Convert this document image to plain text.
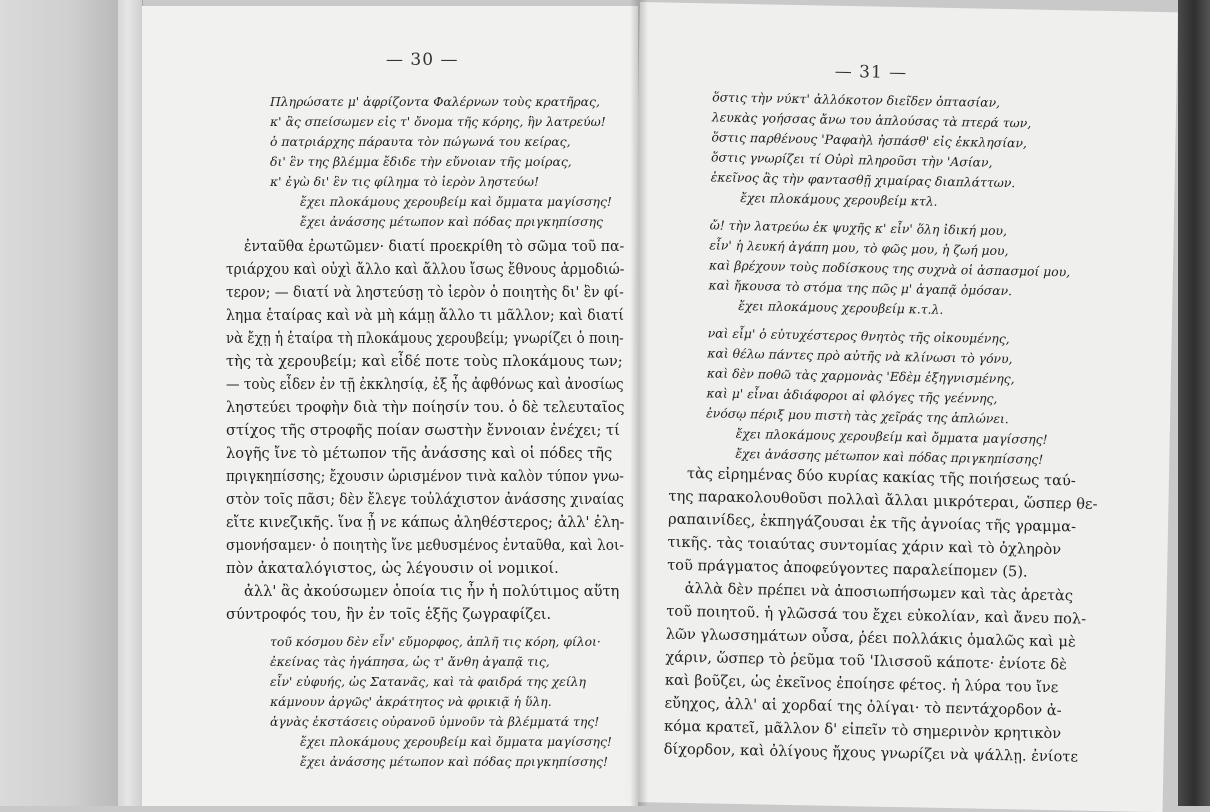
— 30 —
Πληρώσατε μ' ἀφρίζοντα Φαλέρνων τοὺς κρατῆρας,
κ' ἂς σπείσωμεν εἰς τ' ὄνομα τῆς κόρης, ἣν λατρεύω!
ὁ πατριάρχης πάραυτα τὸν πώγωνά του κείρας,
δι' ἓν της βλέμμα ἔδιδε τὴν εὔνοιαν τῆς μοίρας,
κ' ἐγὼ δι' ἓν τις φίλημα τὸ ἱερὸν ληστεύω!
ἔχει πλοκάμους χερουβείμ καὶ ὄμματα μαγίσσης!
ἔχει ἀνάσσης μέτωπον καὶ πόδας πριγκηπίσσης
ἐνταῦθα ἐρωτῶμεν· διατί προεκρίθη τὸ σῶμα τοῦ πα-
τριάρχου καὶ οὐχὶ ἄλλο καὶ ἄλλου ἴσως ἔθνους ἁρμοδιώ-
τερον; — διατί νὰ ληστεύσῃ τὸ ἱερὸν ὁ ποιητὴς δι' ἓν φί-
λημα ἑταίρας καὶ νὰ μὴ κάμῃ ἄλλο τι μᾶλλον; καὶ διατί
νὰ ἔχῃ ἡ ἑταίρα τὴ πλοκάμους χερουβείμ; γνωρίζει ὁ ποιη-
τὴς τὰ χερουβείμ; καὶ εἶδέ ποτε τοὺς πλοκάμους των;
— τοὺς εἶδεν ἐν τῇ ἐκκλησίᾳ, ἐξ ἧς ἀφθόνως καὶ ἀνοσίως
ληστεύει τροφὴν διὰ τὴν ποίησίν του. ὁ δὲ τελευταῖος
στίχος τῆς στροφῆς ποίαν σωστὴν ἔννοιαν ἐνέχει; τί
λογῆς ἴνε τὸ μέτωπον τῆς ἀνάσσης καὶ οἱ πόδες τῆς
πριγκηπίσσης; ἔχουσιν ὡρισμένον τινὰ καλὸν τύπον γνω-
στὸν τοῖς πᾶσι; δὲν ἔλεγε τοὐλάχιστον ἀνάσσης χιναίας
εἴτε κινεζικῆς. ἵνα ᾖ νε κάπως ἀληθέστερος; ἀλλ' ἐλη-
σμονήσαμεν· ὁ ποιητὴς ἴνε μεθυσμένος ἐνταῦθα, καὶ λοι-
πὸν ἀκαταλόγιστος, ὡς λέγουσιν οἱ νομικοί.
ἀλλ' ἂς ἀκούσωμεν ὁποία τις ἦν ἡ πολύτιμος αὕτη
σύντροφός του, ἣν ἐν τοῖς ἑξῆς ζωγραφίζει.
τοῦ κόσμου δὲν εἶν' εὔμορφος, ἀπλῆ τις κόρη, φίλοι·
ἐκείνας τὰς ἠγάπησα, ὡς τ' ἄνθη ἀγαπᾷ τις,
εἶν' εὐφυής, ὡς Σατανᾶς, καὶ τὰ φαιδρά της χείλη
κάμνουν ἀργῶς' ἀκράτητος νὰ φρικιᾷ ἡ ὕλη.
ἁγνὰς ἐκστάσεις οὐρανοῦ ὑμνοῦν τὰ βλέμματά της!
ἔχει πλοκάμους χερουβείμ καὶ ὄμματα μαγίσσης!
ἔχει ἀνάσσης μέτωπον καὶ πόδας πριγκηπίσσης!
— 31 —
ὅστις τὴν νύκτ' ἀλλόκοτον διεῖδεν ὀπτασίαν,
λευκὰς γοήσσας ἄνω του ἁπλούσας τὰ πτερά των,
ὅστις παρθένους 'Ραφαὴλ ἠσπάσθ' εἰς ἐκκλησίαν,
ὅστις γνωρίζει τί Οὐρὶ πληροῦσι τὴν 'Ασίαν,
ἐκεῖνος ἂς τὴν φαντασθῇ χιμαίρας διαπλάττων.
ἔχει πλοκάμους χερουβείμ κτλ.
ὤ! τὴν λατρεύω ἐκ ψυχῆς κ' εἶν' ὅλη ἰδική μου,
εἶν' ἡ λευκή ἀγάπη μου, τὸ φῶς μου, ἡ ζωή μου,
καὶ βρέχουν τοὺς ποδίσκους της συχνὰ οἱ ἀσπασμοί μου,
καὶ ἤκουσα τὸ στόμα της πῶς μ' ἀγαπᾷ ὁμόσαν.
ἔχει πλοκάμους χερουβείμ κ.τ.λ.
ναὶ εἶμ' ὁ εὐτυχέστερος θνητὸς τῆς οἰκουμένης,
καὶ θέλω πάντες πρὸ αὐτῆς νὰ κλίνωσι τὸ γόνυ,
καὶ δὲν ποθῶ τὰς χαρμονὰς 'Εδὲμ ἐξηγνισμένης,
καὶ μ' εἶναι ἀδιάφοροι αἱ φλόγες τῆς γεέννης,
ἐνόσῳ πέριξ μου πιστὴ τὰς χεῖράς της ἁπλώνει.
ἔχει πλοκάμους χερουβείμ καὶ ὄμματα μαγίσσης!
ἔχει ἀνάσσης μέτωπον καὶ πόδας πριγκηπίσσης!
τὰς εἰρημένας δύο κυρίας κακίας τῆς ποιήσεως ταύ-
της παρακολουθοῦσι πολλαὶ ἄλλαι μικρότεραι, ὥσπερ θε-
ραπαινίδες, ἐκπηγάζουσαι ἐκ τῆς ἀγνοίας τῆς γραμμα-
τικῆς. τὰς τοιαύτας συντομίας χάριν καὶ τὸ ὀχληρὸν
τοῦ πράγματος ἀποφεύγοντες παραλείπομεν (5).
ἀλλὰ δὲν πρέπει νὰ ἀποσιωπήσωμεν καὶ τὰς ἀρετὰς
τοῦ ποιητοῦ. ἡ γλῶσσά του ἔχει εὐκολίαν, καὶ ἄνευ πολ-
λῶν γλωσσημάτων οὖσα, ῥέει πολλάκις ὁμαλῶς καὶ μὲ
χάριν, ὥσπερ τὸ ῥεῦμα τοῦ 'Ιλισσοῦ κάποτε· ἐνίοτε δὲ
καὶ βοῦζει, ὡς ἐκεῖνος ἐποίησε φέτος. ἡ λύρα του ἴνε
εὔηχος, ἀλλ' αἱ χορδαί της ὀλίγαι· τὸ πεντάχορδον ἀ-
κόμα κρατεῖ, μᾶλλον δ' εἰπεῖν τὸ σημερινὸν κρητικὸν
δίχορδον, καὶ ὀλίγους ἤχους γνωρίζει νὰ ψάλλῃ. ἐνίοτε
